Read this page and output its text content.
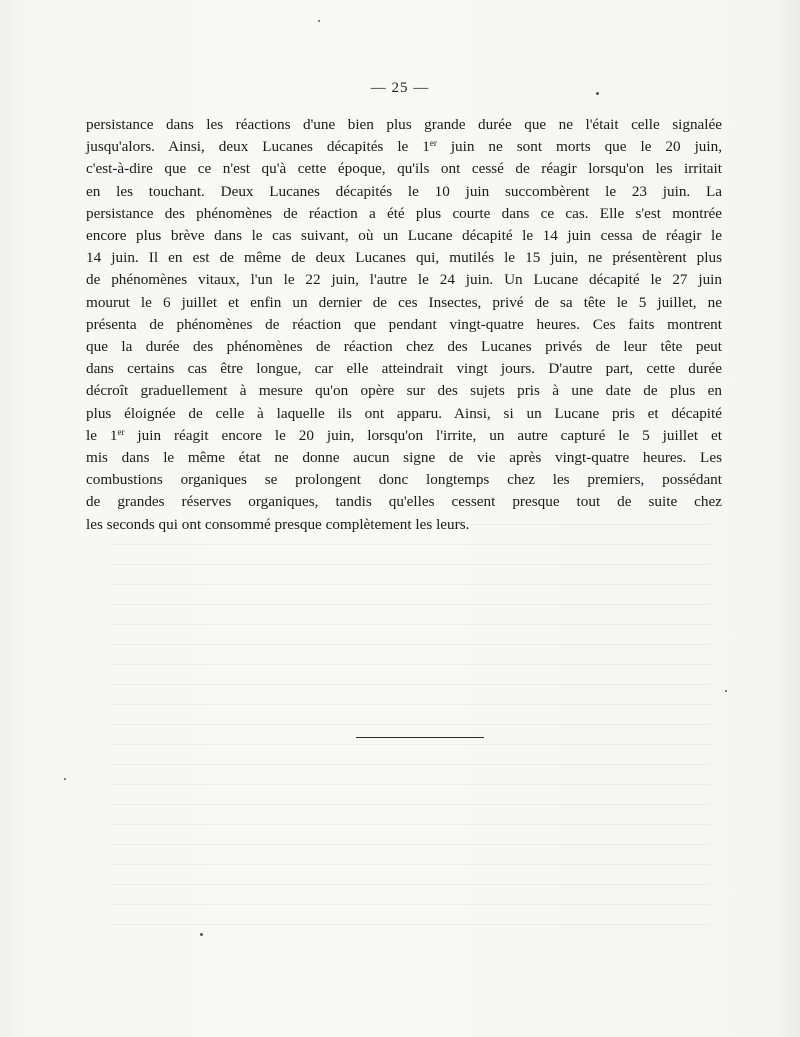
— 25 —
persistance dans les réactions d'une bien plus grande durée que ne l'était celle signalée
jusqu'alors. Ainsi, deux Lucanes décapités le 1er juin ne sont morts que le 20 juin,
c'est-à-dire que ce n'est qu'à cette époque, qu'ils ont cessé de réagir lorsqu'on les irritait
en les touchant. Deux Lucanes décapités le 10 juin succombèrent le 23 juin. La
persistance des phénomènes de réaction a été plus courte dans ce cas. Elle s'est montrée
encore plus brève dans le cas suivant, où un Lucane décapité le 14 juin cessa de réagir le
14 juin. Il en est de même de deux Lucanes qui, mutilés le 15 juin, ne présentèrent plus
de phénomènes vitaux, l'un le 22 juin, l'autre le 24 juin. Un Lucane décapité le 27 juin
mourut le 6 juillet et enfin un dernier de ces Insectes, privé de sa tête le 5 juillet, ne
présenta de phénomènes de réaction que pendant vingt-quatre heures. Ces faits montrent
que la durée des phénomènes de réaction chez des Lucanes privés de leur tête peut
dans certains cas être longue, car elle atteindrait vingt jours. D'autre part, cette durée
décroît graduellement à mesure qu'on opère sur des sujets pris à une date de plus en
plus éloignée de celle à laquelle ils ont apparu. Ainsi, si un Lucane pris et décapité
le 1er juin réagit encore le 20 juin, lorsqu'on l'irrite, un autre capturé le 5 juillet et
mis dans le même état ne donne aucun signe de vie après vingt-quatre heures. Les
combustions organiques se prolongent donc longtemps chez les premiers, possédant
de grandes réserves organiques, tandis qu'elles cessent presque tout de suite chez
les seconds qui ont consommé presque complètement les leurs.
